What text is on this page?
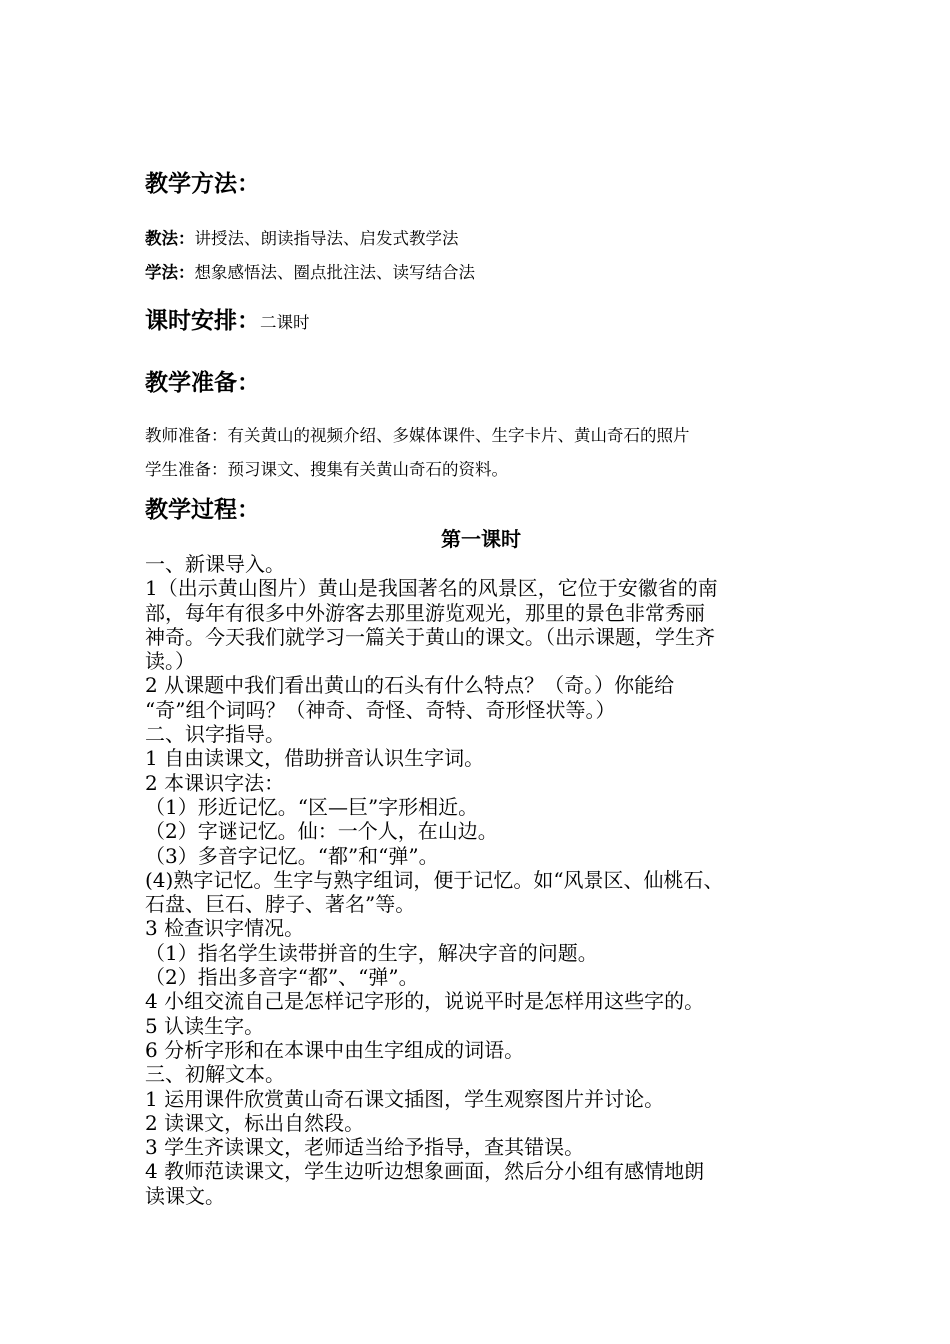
教学方法：
教法：讲授法、朗读指导法、启发式教学法
学法：想象感悟法、圈点批注法、读写结合法
课时安排：二课时
教学准备：
教师准备：有关黄山的视频介绍、多媒体课件、生字卡片、黄山奇石的照片
学生准备：预习课文、搜集有关黄山奇石的资料。
教学过程：
第一课时
一、新课导入。
1（出示黄山图片）黄山是我国著名的风景区，它位于安徽省的南
部，每年有很多中外游客去那里游览观光，那里的景色非常秀丽
神奇。今天我们就学习一篇关于黄山的课文。（出示课题，学生齐
读。）
2 从课题中我们看出黄山的石头有什么特点？（奇。）你能给
“奇”组个词吗？（神奇、奇怪、奇特、奇形怪状等。）
二、识字指导。
1 自由读课文，借助拼音认识生字词。
2 本课识字法：
（1）形近记忆。“区—巨”字形相近。
（2）字谜记忆。仙：一个人，在山边。
（3）多音字记忆。“都”和“弹”。
(4)熟字记忆。生字与熟字组词，便于记忆。如“风景区、仙桃石、
石盘、巨石、脖子、著名”等。
3 检查识字情况。
（1）指名学生读带拼音的生字，解决字音的问题。
（2）指出多音字“都”、“弹”。
4 小组交流自己是怎样记字形的，说说平时是怎样用这些字的。
5 认读生字。
6 分析字形和在本课中由生字组成的词语。
三、初解文本。
1 运用课件欣赏黄山奇石课文插图，学生观察图片并讨论。
2 读课文，标出自然段。
3 学生齐读课文，老师适当给予指导，查其错误。
4 教师范读课文，学生边听边想象画面，然后分小组有感情地朗
读课文。
